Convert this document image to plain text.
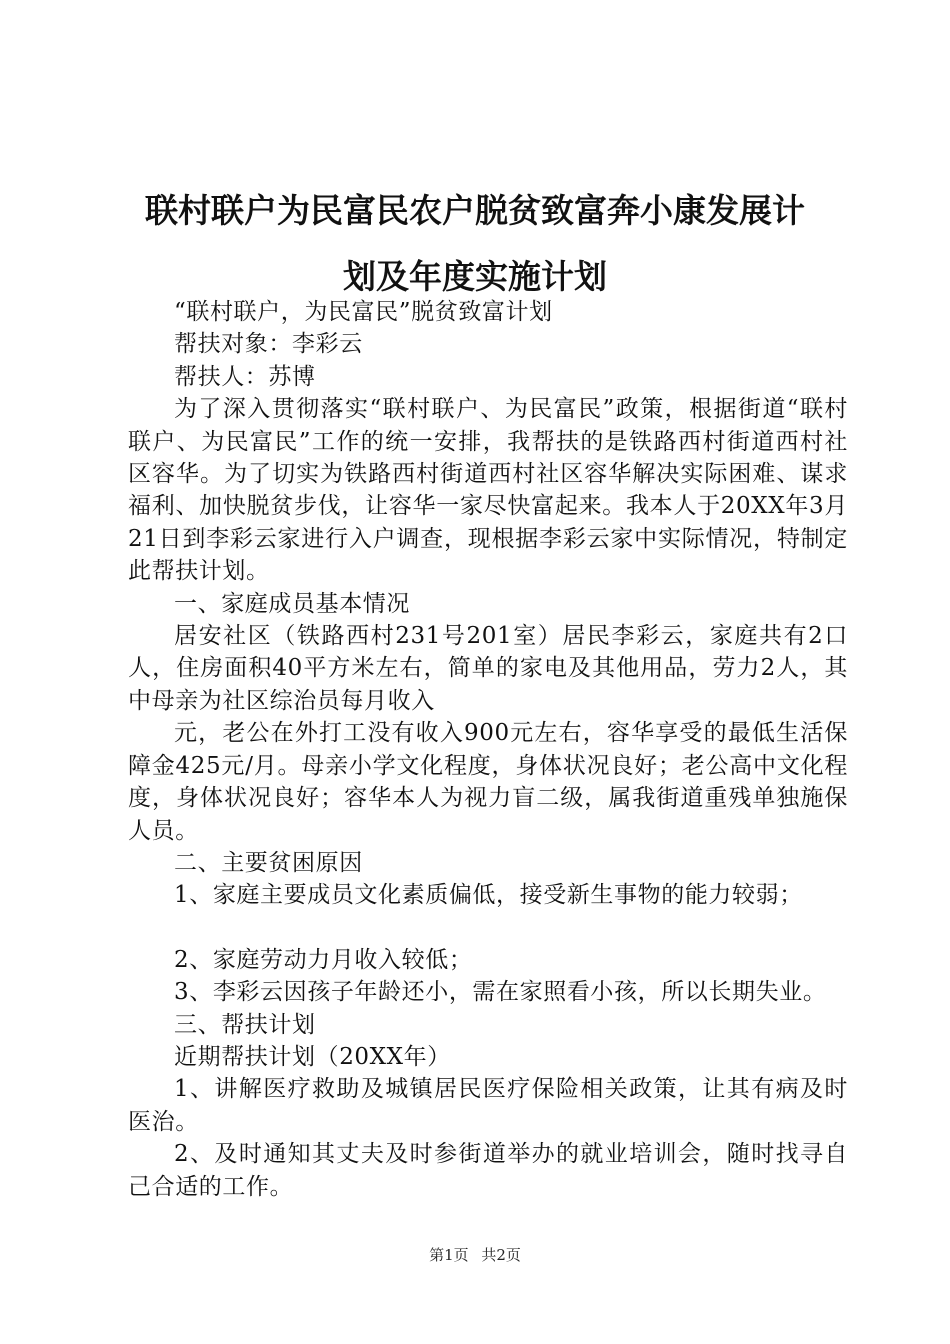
联村联户为民富民农户脱贫致富奔小康发展计
划及年度实施计划

“联村联户，为民富民”脱贫致富计划

帮扶对象：李彩云

帮扶人：苏博

为了深入贯彻落实“联村联户、为民富民”政策，根据街道“联村联户、为民富民”工作的统一安排，我帮扶的是铁路西村街道西村社区容华。为了切实为铁路西村街道西村社区容华解决实际困难、谋求福利、加快脱贫步伐，让容华一家尽快富起来。我本人于20XX年3月21日到李彩云家进行入户调查，现根据李彩云家中实际情况，特制定此帮扶计划。

一、家庭成员基本情况

居安社区（铁路西村231号201室）居民李彩云，家庭共有2口人，住房面积40平方米左右，简单的家电及其他用品，劳力2人，其中母亲为社区综治员每月收入

元，老公在外打工没有收入900元左右，容华享受的最低生活保障金425元/月。母亲小学文化程度，身体状况良好；老公高中文化程度，身体状况良好；容华本人为视力盲二级，属我街道重残单独施保人员。

二、主要贫困原因

1、家庭主要成员文化素质偏低，接受新生事物的能力较弱；

2、家庭劳动力月收入较低；

3、李彩云因孩子年龄还小，需在家照看小孩，所以长期失业。

三、帮扶计划

近期帮扶计划（20XX年）

1、讲解医疗救助及城镇居民医疗保险相关政策，让其有病及时医治。

2、及时通知其丈夫及时参街道举办的就业培训会，随时找寻自己合适的工作。

第1页 共2页
